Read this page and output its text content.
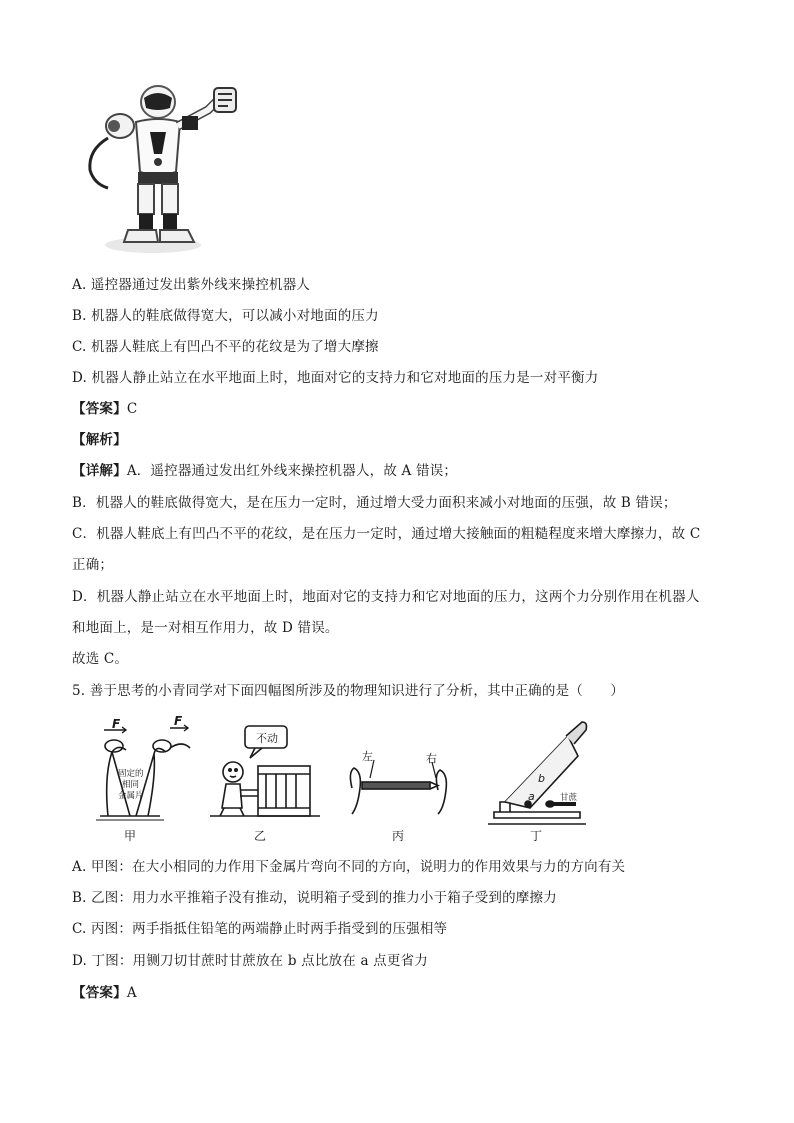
A. 遥控器通过发出紫外线来操控机器人
B. 机器人的鞋底做得宽大，可以减小对地面的压力
C. 机器人鞋底上有凹凸不平的花纹是为了增大摩擦
D. 机器人静止站立在水平地面上时，地面对它的支持力和它对地面的压力是一对平衡力
【答案】C
【解析】
【详解】A．遥控器通过发出红外线来操控机器人，故 A 错误；
B．机器人的鞋底做得宽大，是在压力一定时，通过增大受力面积来减小对地面的压强，故 B 错误；
C．机器人鞋底上有凹凸不平的花纹，是在压力一定时，通过增大接触面的粗糙程度来增大摩擦力，故 C
正确；
D．机器人静止站立在水平地面上时，地面对它的支持力和它对地面的压力，这两个力分别作用在机器人
和地面上，是一对相互作用力，故 D 错误。
故选 C。
5. 善于思考的小青同学对下面四幅图所涉及的物理知识进行了分析，其中正确的是（　　）
F	F
固定的
相同
金属片
甲
不动
乙
左	右
丙
a
b
甘蔗
丁
A. 甲图：在大小相同的力作用下金属片弯向不同的方向，说明力的作用效果与力的方向有关
B. 乙图：用力水平推箱子没有推动，说明箱子受到的推力小于箱子受到的摩擦力
C. 丙图：两手指抵住铅笔的两端静止时两手指受到的压强相等
D. 丁图：用铡刀切甘蔗时甘蔗放在 b 点比放在 a 点更省力
【答案】A
